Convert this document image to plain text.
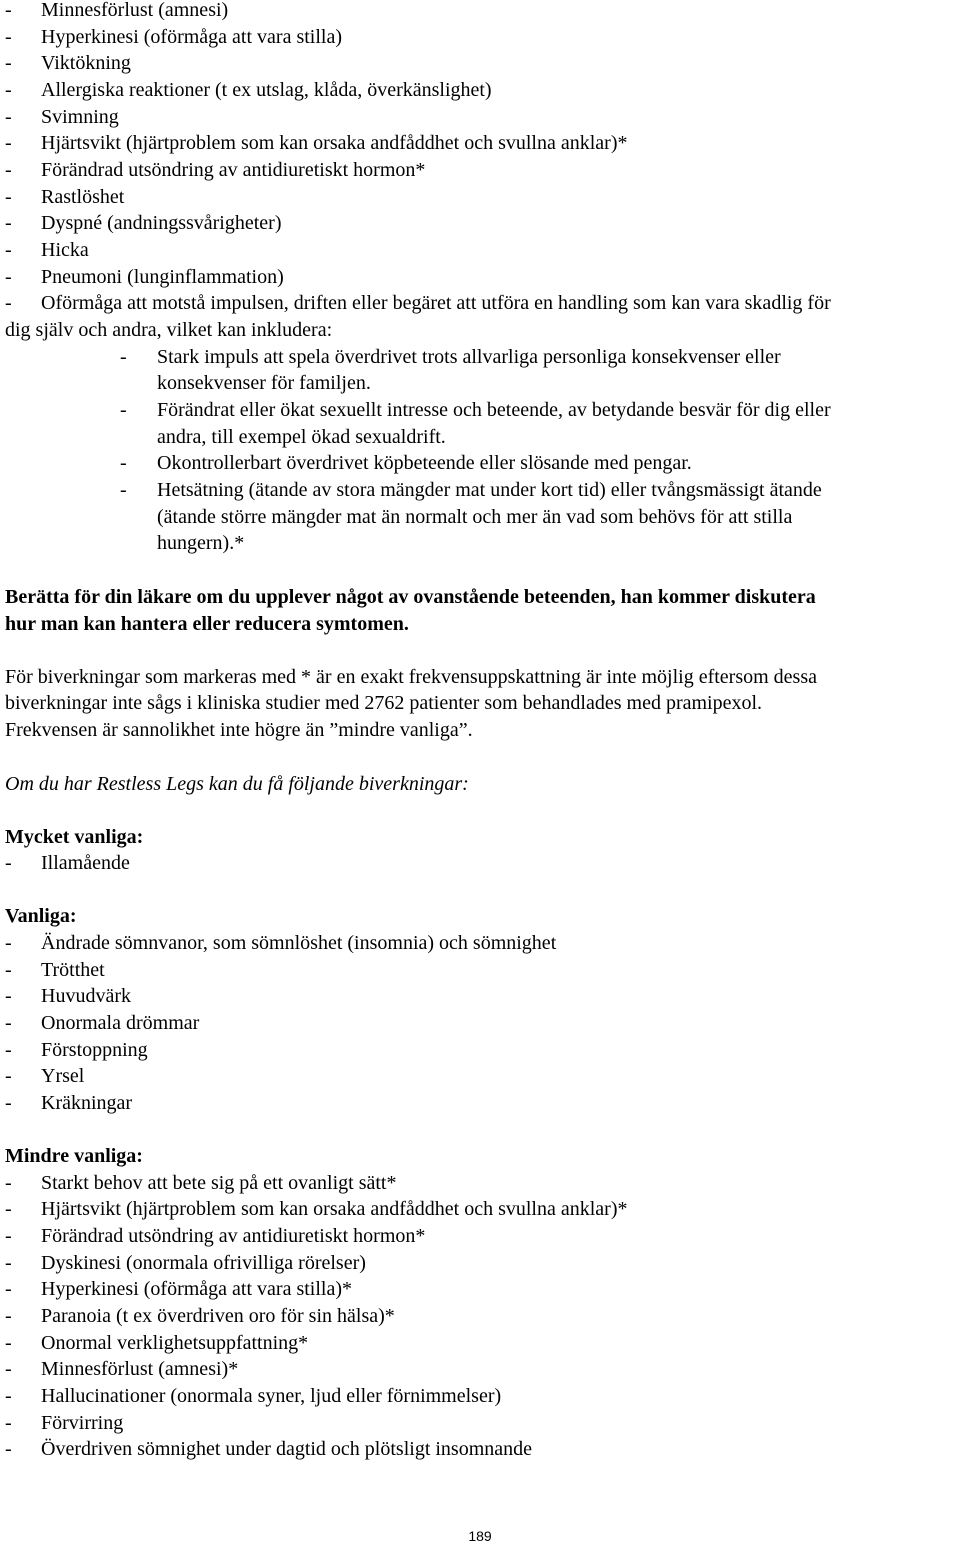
- Minnesförlust (amnesi)
- Hyperkinesi (oförmåga att vara stilla)
- Viktökning
- Allergiska reaktioner (t ex utslag, klåda, överkänslighet)
- Svimning
- Hjärtsvikt (hjärtproblem som kan orsaka andfåddhet och svullna anklar)*
- Förändrad utsöndring av antidiuretiskt hormon*
- Rastlöshet
- Dyspné (andningssvårigheter)
- Hicka
- Pneumoni (lunginflammation)
- Oförmåga att motstå impulsen, driften eller begäret att utföra en handling som kan vara skadlig för
dig själv och andra, vilket kan inkludera:
- Stark impuls att spela överdrivet trots allvarliga personliga konsekvenser eller
konsekvenser för familjen.
- Förändrat eller ökat sexuellt intresse och beteende, av betydande besvär för dig eller
andra, till exempel ökad sexualdrift.
- Okontrollerbart överdrivet köpbeteende eller slösande med pengar.
- Hetsätning (ätande av stora mängder mat under kort tid) eller tvångsmässigt ätande
(ätande större mängder mat än normalt och mer än vad som behövs för att stilla
hungern).*
Berätta för din läkare om du upplever något av ovanstående beteenden, han kommer diskutera
hur man kan hantera eller reducera symtomen.
För biverkningar som markeras med * är en exakt frekvensuppskattning är inte möjlig eftersom dessa
biverkningar inte sågs i kliniska studier med 2762 patienter som behandlades med pramipexol.
Frekvensen är sannolikhet inte högre än ”mindre vanliga”.
Om du har Restless Legs kan du få följande biverkningar:
Mycket vanliga:
- Illamående
Vanliga:
- Ändrade sömnvanor, som sömnlöshet (insomnia) och sömnighet
- Trötthet
- Huvudvärk
- Onormala drömmar
- Förstoppning
- Yrsel
- Kräkningar
Mindre vanliga:
- Starkt behov att bete sig på ett ovanligt sätt*
- Hjärtsvikt (hjärtproblem som kan orsaka andfåddhet och svullna anklar)*
- Förändrad utsöndring av antidiuretiskt hormon*
- Dyskinesi (onormala ofrivilliga rörelser)
- Hyperkinesi (oförmåga att vara stilla)*
- Paranoia (t ex överdriven oro för sin hälsa)*
- Onormal verklighetsuppfattning*
- Minnesförlust (amnesi)*
- Hallucinationer (onormala syner, ljud eller förnimmelser)
- Förvirring
- Överdriven sömnighet under dagtid och plötsligt insomnande
189
